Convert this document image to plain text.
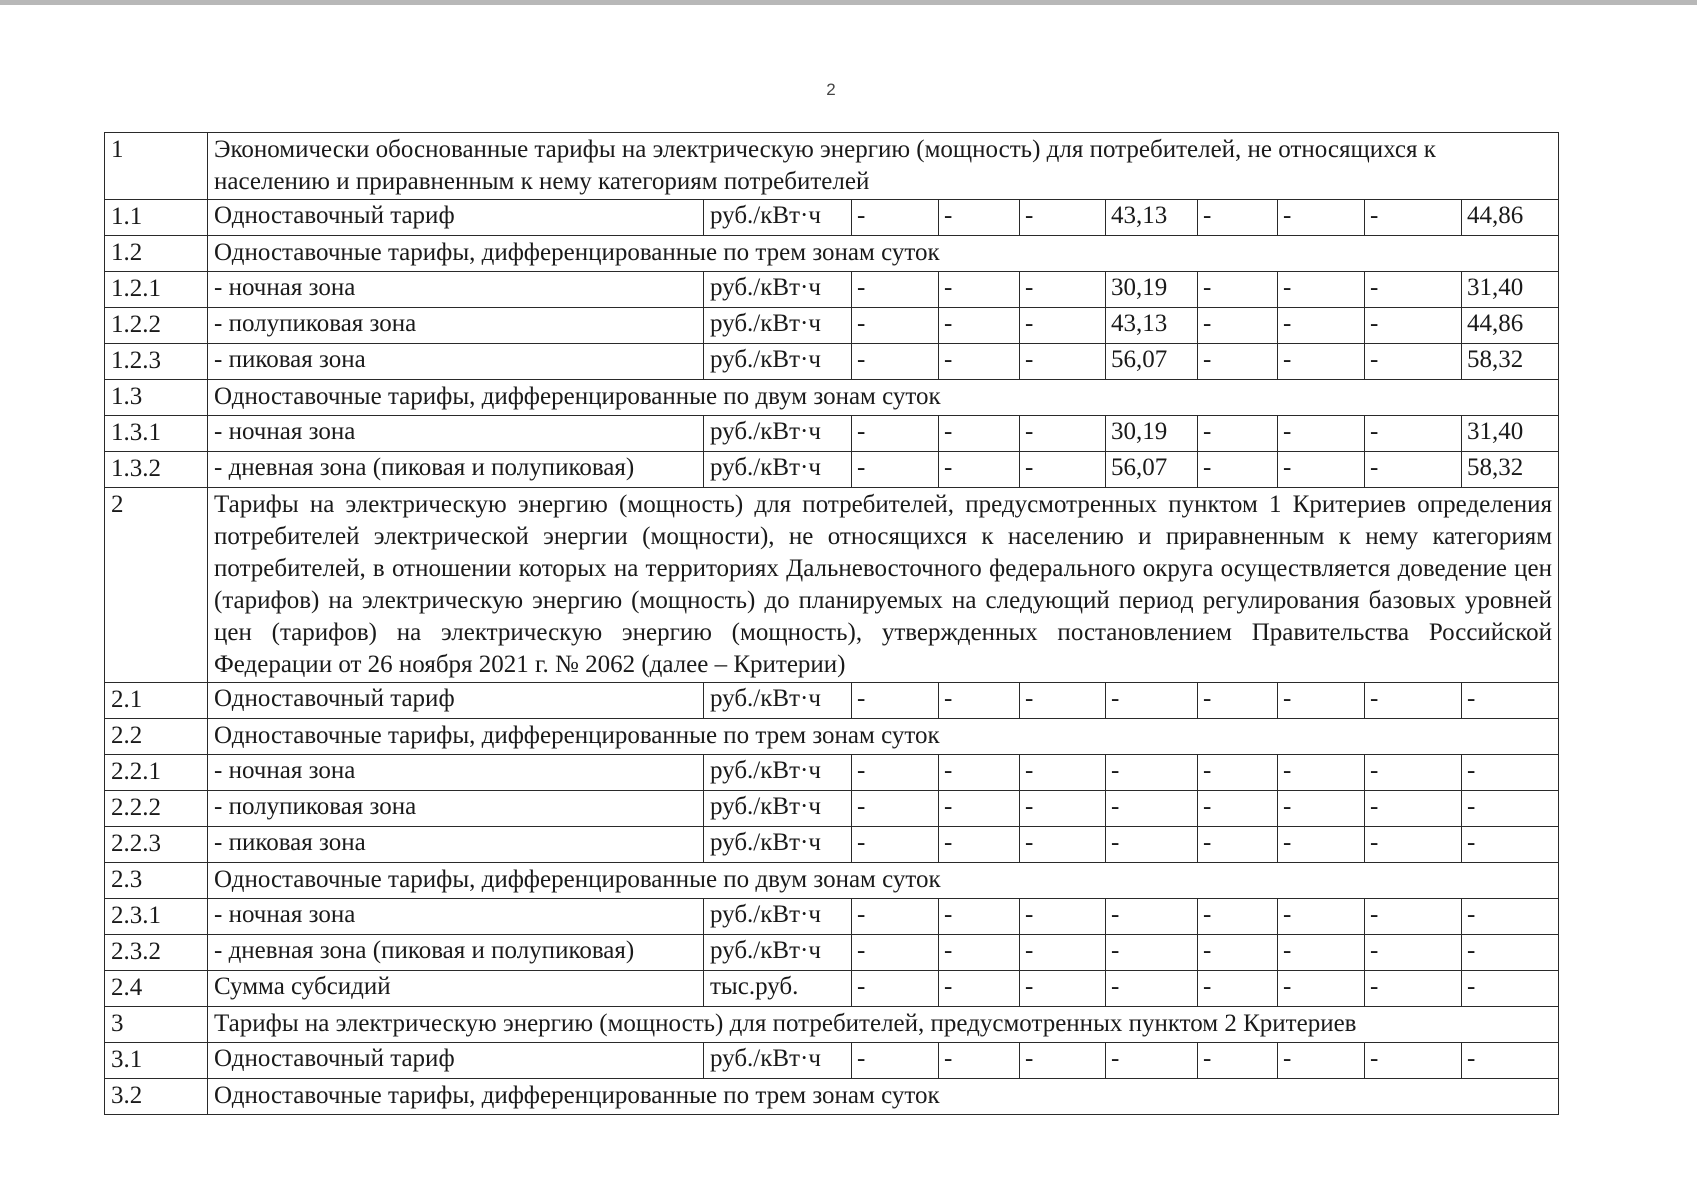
2
1	Экономически обоснованные тарифы на электрическую энергию (мощность) для потребителей, не относящихся к населению и приравненным к нему категориям потребителей									
1.1	Одноставочный тариф	руб./кВт·ч	-	-	-	43,13	-	-	-	44,86
1.2	Одноставочные тарифы, дифференцированные по трем зонам суток									
1.2.1	- ночная зона	руб./кВт·ч	-	-	-	30,19	-	-	-	31,40
1.2.2	- полупиковая зона	руб./кВт·ч	-	-	-	43,13	-	-	-	44,86
1.2.3	- пиковая зона	руб./кВт·ч	-	-	-	56,07	-	-	-	58,32
1.3	Одноставочные тарифы, дифференцированные по двум зонам суток									
1.3.1	- ночная зона	руб./кВт·ч	-	-	-	30,19	-	-	-	31,40
1.3.2	- дневная зона (пиковая и полупиковая)	руб./кВт·ч	-	-	-	56,07	-	-	-	58,32
2	Тарифы на электрическую энергию (мощность) для потребителей, предусмотренных пунктом 1 Критериев определения потребителей электрической энергии (мощности), не относящихся к населению и приравненным к нему категориям потребителей, в отношении которых на территориях Дальневосточного федерального округа осуществляется доведение цен (тарифов) на электрическую энергию (мощность) до планируемых на следующий период регулирования базовых уровней цен (тарифов) на электрическую энергию (мощность), утвержденных постановлением Правительства Российской Федерации от 26 ноября 2021 г. № 2062 (далее – Критерии)									
2.1	Одноставочный тариф	руб./кВт·ч	-	-	-	-	-	-	-	-
2.2	Одноставочные тарифы, дифференцированные по трем зонам суток									
2.2.1	- ночная зона	руб./кВт·ч	-	-	-	-	-	-	-	-
2.2.2	- полупиковая зона	руб./кВт·ч	-	-	-	-	-	-	-	-
2.2.3	- пиковая зона	руб./кВт·ч	-	-	-	-	-	-	-	-
2.3	Одноставочные тарифы, дифференцированные по двум зонам суток									
2.3.1	- ночная зона	руб./кВт·ч	-	-	-	-	-	-	-	-
2.3.2	- дневная зона (пиковая и полупиковая)	руб./кВт·ч	-	-	-	-	-	-	-	-
2.4	Сумма субсидий	тыс.руб.	-	-	-	-	-	-	-	-
3	Тарифы на электрическую энергию (мощность) для потребителей, предусмотренных пунктом 2 Критериев									
3.1	Одноставочный тариф	руб./кВт·ч	-	-	-	-	-	-	-	-
3.2	Одноставочные тарифы, дифференцированные по трем зонам суток									
